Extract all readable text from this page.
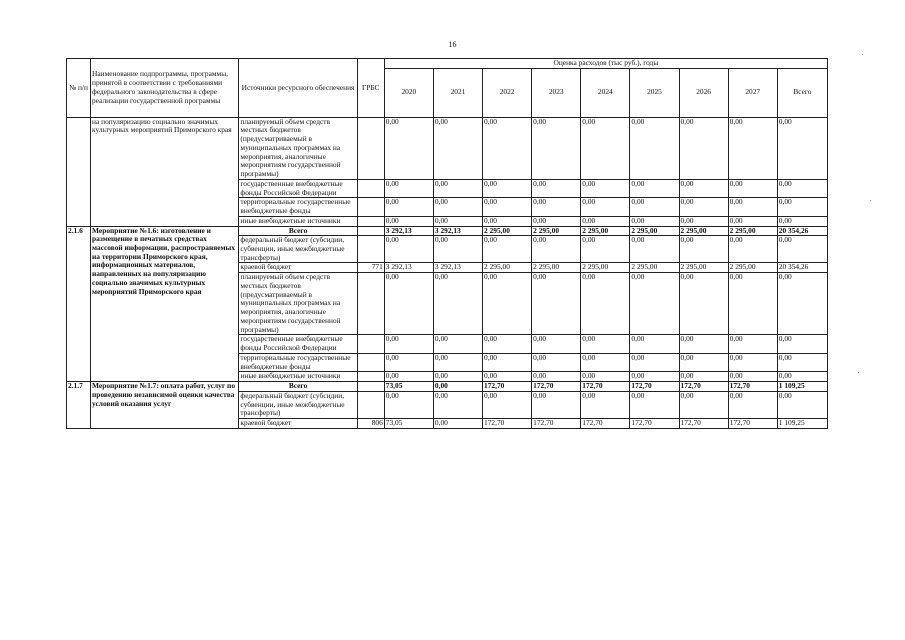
16
№ п/п	Наименование подпрограммы, программы, принятой в соответствии с требованиями федерального законодательства в сфере реализации государственной программы	Источники ресурсного обеспечения	ГРБС	Оценка расходов (тыс руб.), годы								
				2020	2021	2022	2023	2024	2025	2026	2027	Всего
	на популяризацию социально значимых культурных мероприятий Приморского края	планируемый объем средств местных бюджетов (предусматриваемый в муниципальных программах на мероприятия, аналогичные мероприятиям государственной программы)		0,00	0,00	0,00	0,00	0,00	0,00	0,00	0,00	0,00
		государственные внебюджетные фонды Российской Федерации		0,00	0,00	0,00	0,00	0,00	0,00	0,00	0,00	0,00
		территориальные государственные внебюджетные фонды		0,00	0,00	0,00	0,00	0,00	0,00	0,00	0,00	0,00
		иные внебюджетные источники		0,00	0,00	0,00	0,00	0,00	0,00	0,00	0,00	0,00
2.1.6	Мероприятие №1.6: изготовление и размещение в печатных средствах массовой информации, распространяемых на территории Приморского края, информационных материалов, направленных на популяризацию социально значимых культурных мероприятий Приморского края	Всего		3 292,13	3 292,13	2 295,00	2 295,00	2 295,00	2 295,00	2 295,00	2 295,00	20 354,26
		федеральный бюджет (субсидии, субвенции, иные межбюджетные трансферты)		0,00	0,00	0,00	0,00	0,00	0,00	0,00	0,00	0,00
		краевой бюджет	771	3 292,13	3 292,13	2 295,00	2 295,00	2 295,00	2 295,00	2 295,00	2 295,00	20 354,26
		планируемый объем средств местных бюджетов (предусматриваемый в муниципальных программах на мероприятия, аналогичные мероприятиям государственной программы)		0,00	0,00	0,00	0,00	0,00	0,00	0,00	0,00	0,00
		государственные внебюджетные фонды Российской Федерации		0,00	0,00	0,00	0,00	0,00	0,00	0,00	0,00	0,00
		территориальные государственные внебюджетные фонды		0,00	0,00	0,00	0,00	0,00	0,00	0,00	0,00	0,00
		иные внебюджетные источники		0,00	0,00	0,00	0,00	0,00	0,00	0,00	0,00	0,00
2.1.7	Мероприятие №1.7: оплата работ, услуг по проведению независимой оценки качества условий оказания услуг	Всего		73,05	0,00	172,70	172,70	172,70	172,70	172,70	172,70	1 109,25
		федеральный бюджет (субсидии, субвенции, иные межбюджетные трансферты)		0,00	0,00	0,00	0,00	0,00	0,00	0,00	0,00	0,00
		краевой бюджет	806	73,05	0,00	172,70	172,70	172,70	172,70	172,70	172,70	1 109,25
